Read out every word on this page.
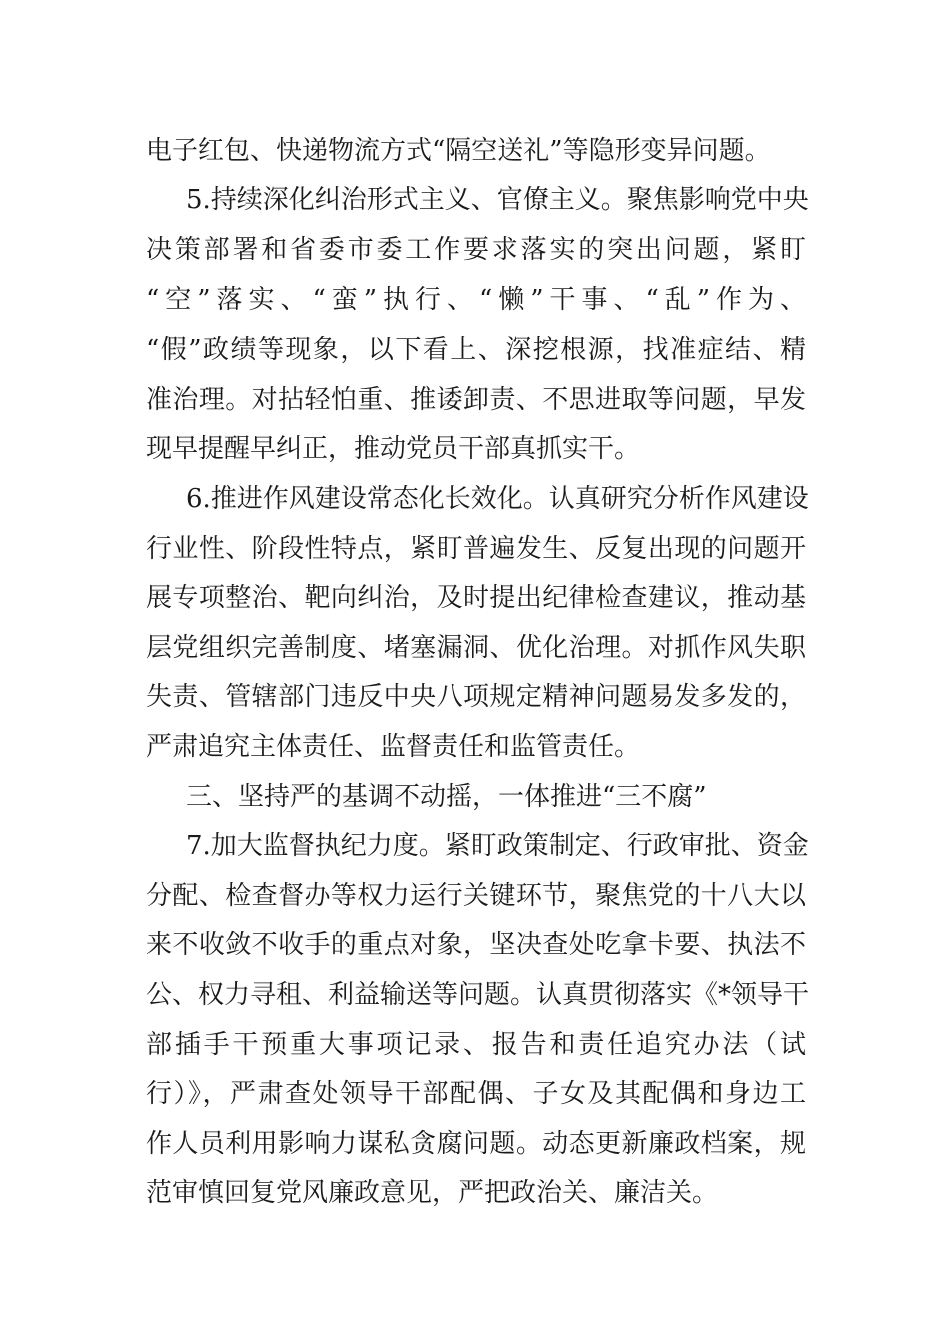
电子红包、快递物流方式“隔空送礼”等隐形变异问题。
5.持续深化纠治形式主义、官僚主义。聚焦影响党中央
决策部署和省委市委工作要求落实的突出问题，紧盯
“空”落实、“蛮”执行、“懒”干事、“乱”作为、
“假”政绩等现象，以下看上、深挖根源，找准症结、精
准治理。对拈轻怕重、推诿卸责、不思进取等问题，早发
现早提醒早纠正，推动党员干部真抓实干。
6.推进作风建设常态化长效化。认真研究分析作风建设
行业性、阶段性特点，紧盯普遍发生、反复出现的问题开
展专项整治、靶向纠治，及时提出纪律检查建议，推动基
层党组织完善制度、堵塞漏洞、优化治理。对抓作风失职
失责、管辖部门违反中央八项规定精神问题易发多发的，
严肃追究主体责任、监督责任和监管责任。
三、坚持严的基调不动摇，一体推进“三不腐”
7.加大监督执纪力度。紧盯政策制定、行政审批、资金
分配、检查督办等权力运行关键环节，聚焦党的十八大以
来不收敛不收手的重点对象，坚决查处吃拿卡要、执法不
公、权力寻租、利益输送等问题。认真贯彻落实《*领导干
部插手干预重大事项记录、报告和责任追究办法（试
行）》，严肃查处领导干部配偶、子女及其配偶和身边工
作人员利用影响力谋私贪腐问题。动态更新廉政档案，规
范审慎回复党风廉政意见，严把政治关、廉洁关。
